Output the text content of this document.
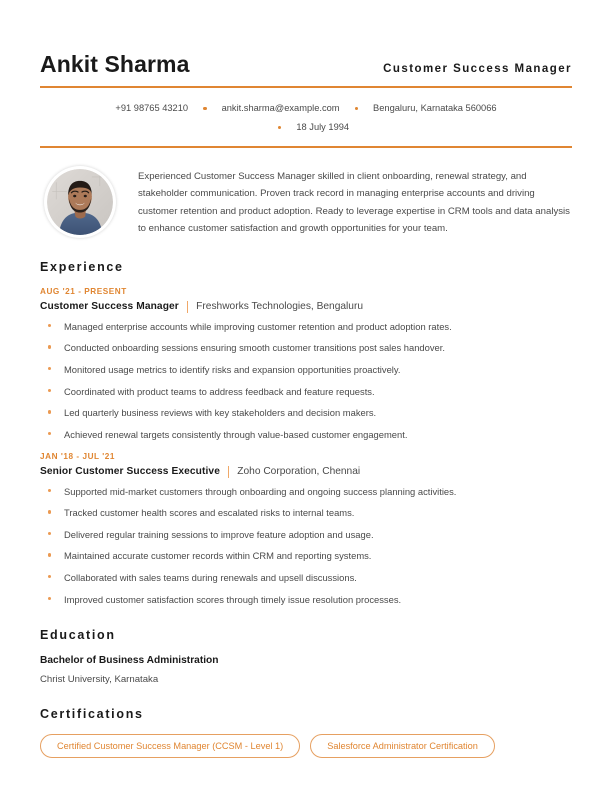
Ankit Sharma	Customer Success Manager
+91 98765 43210	ankit.sharma@example.com	Bengaluru, Karnataka 560066
18 July 1994
Experienced Customer Success Manager skilled in client onboarding, renewal strategy, and stakeholder communication. Proven track record in managing enterprise accounts and driving customer retention and product adoption. Ready to leverage expertise in CRM tools and data analysis to enhance customer satisfaction and growth opportunities for your team.
Experience
AUG '21 - PRESENT
Customer Success Manager Freshworks Technologies, Bengaluru
Managed enterprise accounts while improving customer retention and product adoption rates.
Conducted onboarding sessions ensuring smooth customer transitions post sales handover.
Monitored usage metrics to identify risks and expansion opportunities proactively.
Coordinated with product teams to address feedback and feature requests.
Led quarterly business reviews with key stakeholders and decision makers.
Achieved renewal targets consistently through value-based customer engagement.
JAN '18 - JUL '21
Senior Customer Success Executive Zoho Corporation, Chennai
Supported mid-market customers through onboarding and ongoing success planning activities.
Tracked customer health scores and escalated risks to internal teams.
Delivered regular training sessions to improve feature adoption and usage.
Maintained accurate customer records within CRM and reporting systems.
Collaborated with sales teams during renewals and upsell discussions.
Improved customer satisfaction scores through timely issue resolution processes.
Education
Bachelor of Business Administration
Christ University, Karnataka
Certifications
Certified Customer Success Manager (CCSM - Level 1)	Salesforce Administrator Certification
